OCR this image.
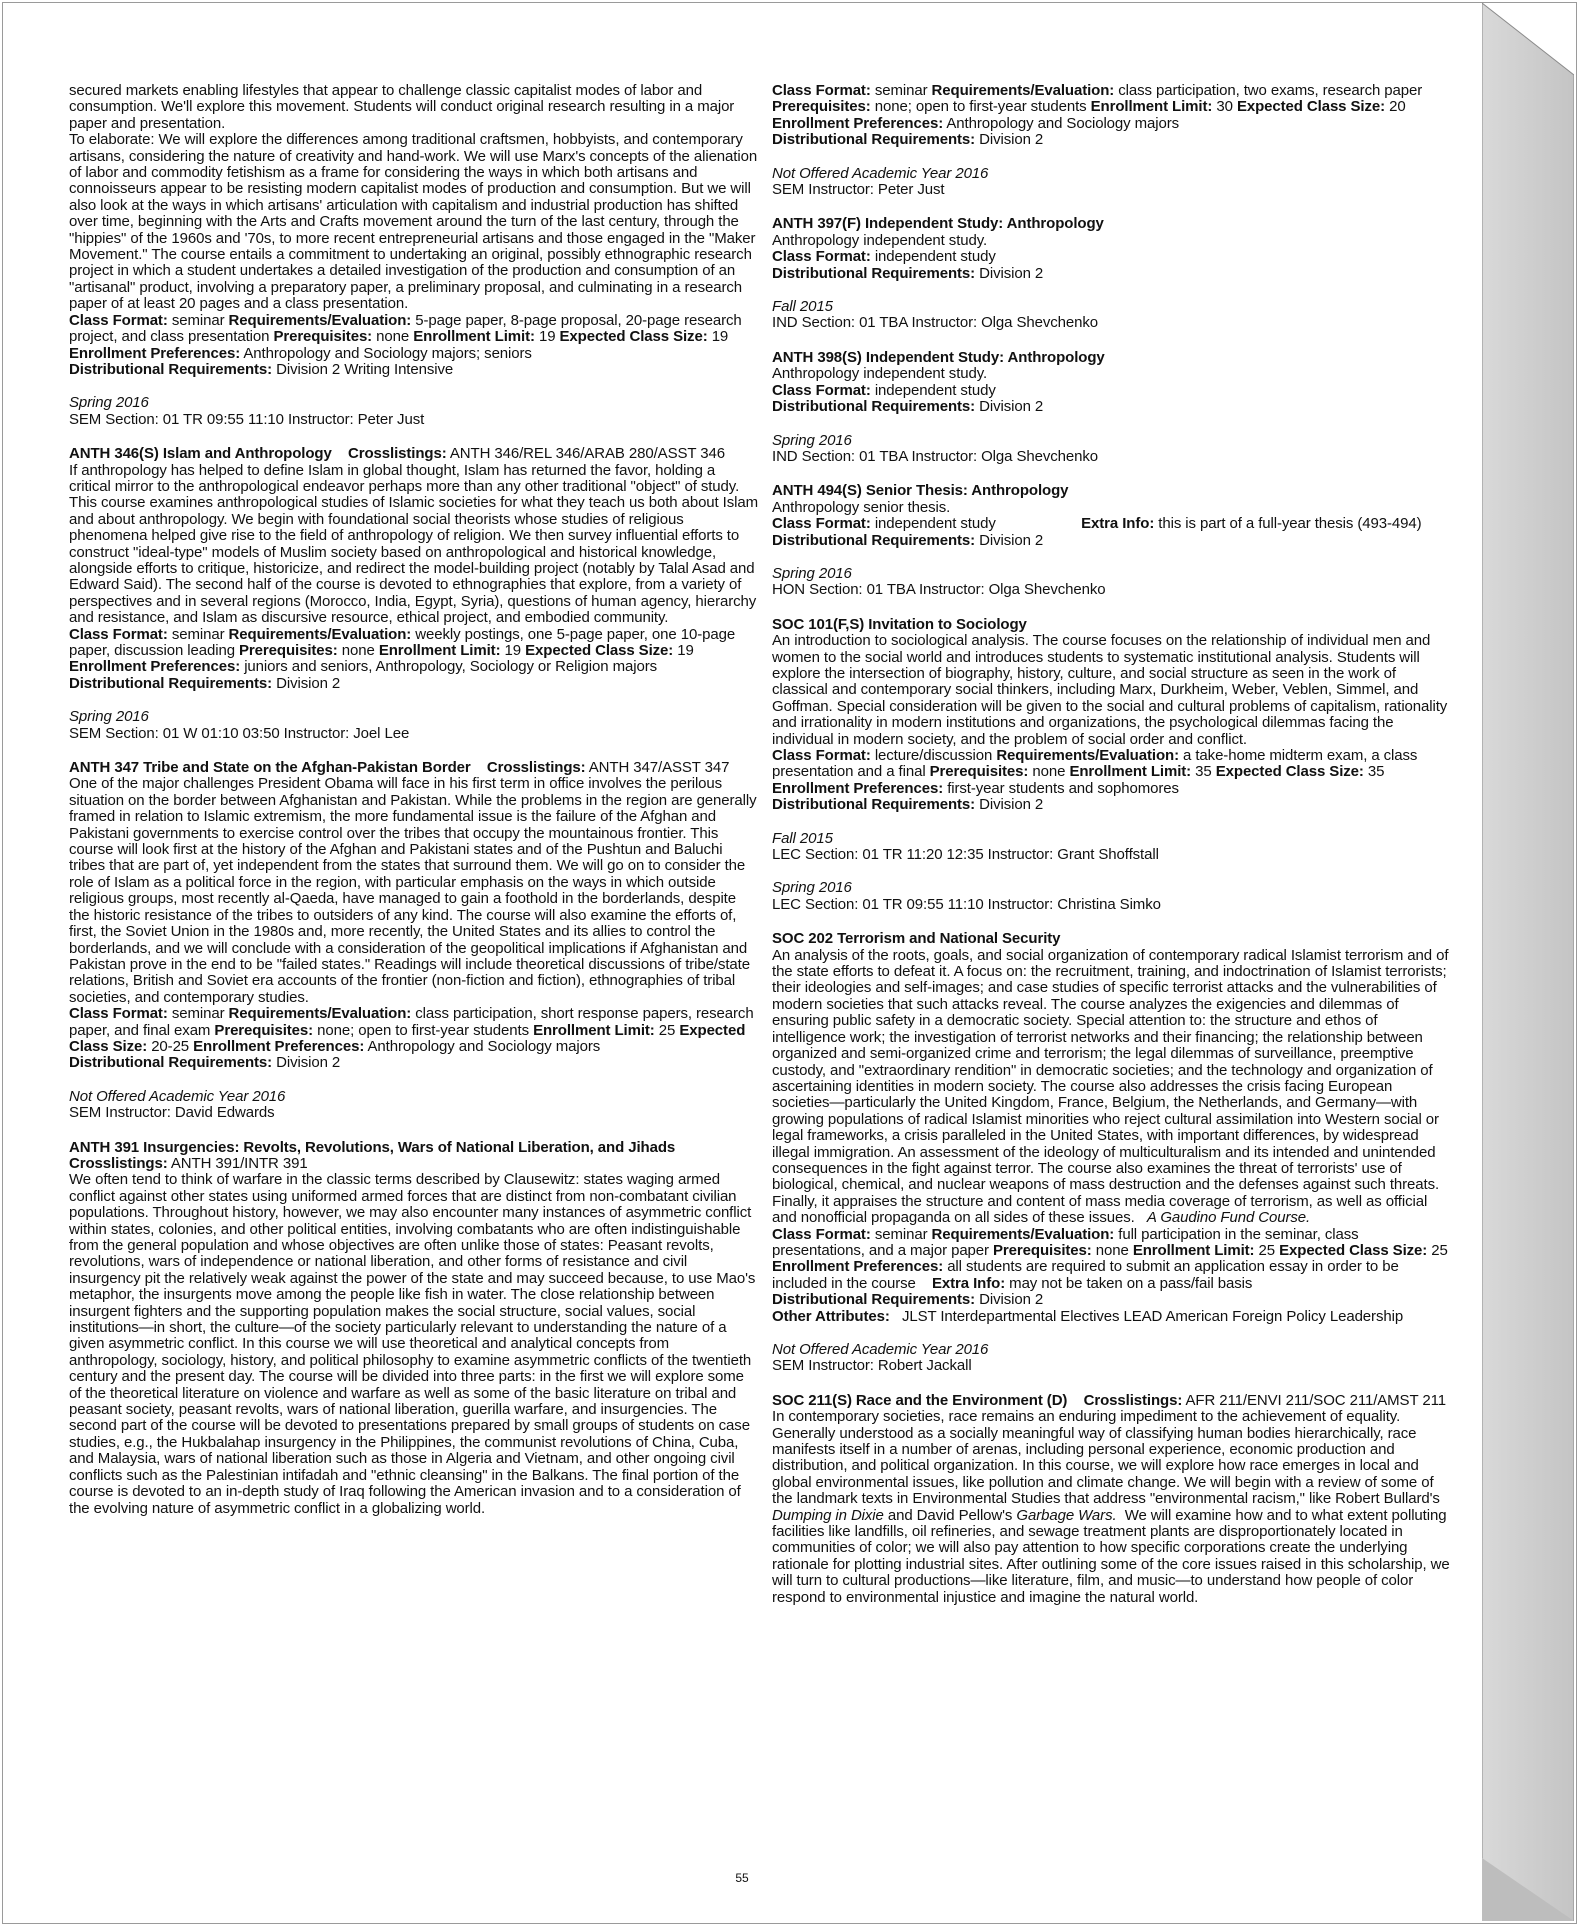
secured markets enabling lifestyles that appear to challenge classic capitalist modes of labor and consumption. We'll explore this movement. Students will conduct original research resulting in a major paper and presentation.

To elaborate: We will explore the differences among traditional craftsmen, hobbyists, and contemporary artisans, considering the nature of creativity and hand-work. We will use Marx's concepts of the alienation of labor and commodity fetishism as a frame for considering the ways in which both artisans and connoisseurs appear to be resisting modern capitalist modes of production and consumption. But we will also look at the ways in which artisans' articulation with capitalism and industrial production has shifted over time, beginning with the Arts and Crafts movement around the turn of the last century, through the "hippies" of the 1960s and '70s, to more recent entrepreneurial artisans and those engaged in the "Maker Movement." The course entails a commitment to undertaking an original, possibly ethnographic research project in which a student undertakes a detailed investigation of the production and consumption of an "artisanal" product, involving a preparatory paper, a preliminary proposal, and culminating in a research paper of at least 20 pages and a class presentation.

Class Format: seminar Requirements/Evaluation: 5-page paper, 8-page proposal, 20-page research project, and class presentation Prerequisites: none Enrollment Limit: 19 Expected Class Size: 19 Enrollment Preferences: Anthropology and Sociology majors; seniors

Distributional Requirements: Division 2 Writing Intensive

Spring 2016

SEM Section: 01 TR 09:55 11:10 Instructor: Peter Just

ANTH 346(S) Islam and Anthropology Crosslistings: ANTH 346/REL 346/ARAB 280/ASST 346

If anthropology has helped to define Islam in global thought, Islam has returned the favor, holding a critical mirror to the anthropological endeavor perhaps more than any other traditional "object" of study. This course examines anthropological studies of Islamic societies for what they teach us both about Islam and about anthropology. We begin with foundational social theorists whose studies of religious phenomena helped give rise to the field of anthropology of religion. We then survey influential efforts to construct "ideal-type" models of Muslim society based on anthropological and historical knowledge, alongside efforts to critique, historicize, and redirect the model-building project (notably by Talal Asad and Edward Said). The second half of the course is devoted to ethnographies that explore, from a variety of perspectives and in several regions (Morocco, India, Egypt, Syria), questions of human agency, hierarchy and resistance, and Islam as discursive resource, ethical project, and embodied community.

Class Format: seminar Requirements/Evaluation: weekly postings, one 5-page paper, one 10-page paper, discussion leading Prerequisites: none Enrollment Limit: 19 Expected Class Size: 19 Enrollment Preferences: juniors and seniors, Anthropology, Sociology or Religion majors

Distributional Requirements: Division 2

Spring 2016

SEM Section: 01 W 01:10 03:50 Instructor: Joel Lee

ANTH 347 Tribe and State on the Afghan-Pakistan Border Crosslistings: ANTH 347/ASST 347

One of the major challenges President Obama will face in his first term in office involves the perilous situation on the border between Afghanistan and Pakistan. While the problems in the region are generally framed in relation to Islamic extremism, the more fundamental issue is the failure of the Afghan and Pakistani governments to exercise control over the tribes that occupy the mountainous frontier. This course will look first at the history of the Afghan and Pakistani states and of the Pushtun and Baluchi tribes that are part of, yet independent from the states that surround them. We will go on to consider the role of Islam as a political force in the region, with particular emphasis on the ways in which outside religious groups, most recently al-Qaeda, have managed to gain a foothold in the borderlands, despite the historic resistance of the tribes to outsiders of any kind. The course will also examine the efforts of, first, the Soviet Union in the 1980s and, more recently, the United States and its allies to control the borderlands, and we will conclude with a consideration of the geopolitical implications if Afghanistan and Pakistan prove in the end to be "failed states." Readings will include theoretical discussions of tribe/state relations, British and Soviet era accounts of the frontier (non-fiction and fiction), ethnographies of tribal societies, and contemporary studies.

Class Format: seminar Requirements/Evaluation: class participation, short response papers, research paper, and final exam Prerequisites: none; open to first-year students Enrollment Limit: 25 Expected Class Size: 20-25 Enrollment Preferences: Anthropology and Sociology majors

Distributional Requirements: Division 2

Not Offered Academic Year 2016

SEM Instructor: David Edwards

ANTH 391 Insurgencies: Revolts, Revolutions, Wars of National Liberation, and Jihads

Crosslistings: ANTH 391/INTR 391

We often tend to think of warfare in the classic terms described by Clausewitz: states waging armed conflict against other states using uniformed armed forces that are distinct from non-combatant civilian populations. Throughout history, however, we may also encounter many instances of asymmetric conflict within states, colonies, and other political entities, involving combatants who are often indistinguishable from the general population and whose objectives are often unlike those of states: Peasant revolts, revolutions, wars of independence or national liberation, and other forms of resistance and civil insurgency pit the relatively weak against the power of the state and may succeed because, to use Mao's metaphor, the insurgents move among the people like fish in water. The close relationship between insurgent fighters and the supporting population makes the social structure, social values, social institutions—in short, the culture—of the society particularly relevant to understanding the nature of a given asymmetric conflict. In this course we will use theoretical and analytical concepts from anthropology, sociology, history, and political philosophy to examine asymmetric conflicts of the twentieth century and the present day. The course will be divided into three parts: in the first we will explore some of the theoretical literature on violence and warfare as well as some of the basic literature on tribal and peasant society, peasant revolts, wars of national liberation, guerilla warfare, and insurgencies. The second part of the course will be devoted to presentations prepared by small groups of students on case studies, e.g., the Hukbalahap insurgency in the Philippines, the communist revolutions of China, Cuba, and Malaysia, wars of national liberation such as those in Algeria and Vietnam, and other ongoing civil conflicts such as the Palestinian intifadah and "ethnic cleansing" in the Balkans. The final portion of the course is devoted to an in-depth study of Iraq following the American invasion and to a consideration of the evolving nature of asymmetric conflict in a globalizing world.

Class Format: seminar Requirements/Evaluation: class participation, two exams, research paper Prerequisites: none; open to first-year students Enrollment Limit: 30 Expected Class Size: 20 Enrollment Preferences: Anthropology and Sociology majors

Distributional Requirements: Division 2

Not Offered Academic Year 2016

SEM Instructor: Peter Just

ANTH 397(F) Independent Study: Anthropology

Anthropology independent study.

Class Format: independent study

Distributional Requirements: Division 2

Fall 2015

IND Section: 01 TBA Instructor: Olga Shevchenko

ANTH 398(S) Independent Study: Anthropology

Anthropology independent study.

Class Format: independent study

Distributional Requirements: Division 2

Spring 2016

IND Section: 01 TBA Instructor: Olga Shevchenko

ANTH 494(S) Senior Thesis: Anthropology

Anthropology senior thesis.

Class Format: independent study	Extra Info: this is part of a full-year thesis (493-494)

Distributional Requirements: Division 2

Spring 2016

HON Section: 01 TBA Instructor: Olga Shevchenko

SOC 101(F,S) Invitation to Sociology

An introduction to sociological analysis. The course focuses on the relationship of individual men and women to the social world and introduces students to systematic institutional analysis. Students will explore the intersection of biography, history, culture, and social structure as seen in the work of classical and contemporary social thinkers, including Marx, Durkheim, Weber, Veblen, Simmel, and Goffman. Special consideration will be given to the social and cultural problems of capitalism, rationality and irrationality in modern institutions and organizations, the psychological dilemmas facing the individual in modern society, and the problem of social order and conflict.

Class Format: lecture/discussion Requirements/Evaluation: a take-home midterm exam, a class presentation and a final Prerequisites: none Enrollment Limit: 35 Expected Class Size: 35 Enrollment Preferences: first-year students and sophomores

Distributional Requirements: Division 2

Fall 2015

LEC Section: 01 TR 11:20 12:35 Instructor: Grant Shoffstall

Spring 2016

LEC Section: 01 TR 09:55 11:10 Instructor: Christina Simko

SOC 202 Terrorism and National Security

An analysis of the roots, goals, and social organization of contemporary radical Islamist terrorism and of the state efforts to defeat it. A focus on: the recruitment, training, and indoctrination of Islamist terrorists; their ideologies and self-images; and case studies of specific terrorist attacks and the vulnerabilities of modern societies that such attacks reveal. The course analyzes the exigencies and dilemmas of ensuring public safety in a democratic society. Special attention to: the structure and ethos of intelligence work; the investigation of terrorist networks and their financing; the relationship between organized and semi-organized crime and terrorism; the legal dilemmas of surveillance, preemptive custody, and "extraordinary rendition" in democratic societies; and the technology and organization of ascertaining identities in modern society. The course also addresses the crisis facing European societies—particularly the United Kingdom, France, Belgium, the Netherlands, and Germany—with growing populations of radical Islamist minorities who reject cultural assimilation into Western social or legal frameworks, a crisis paralleled in the United States, with important differences, by widespread illegal immigration. An assessment of the ideology of multiculturalism and its intended and unintended consequences in the fight against terror. The course also examines the threat of terrorists' use of biological, chemical, and nuclear weapons of mass destruction and the defenses against such threats. Finally, it appraises the structure and content of mass media coverage of terrorism, as well as official and nonofficial propaganda on all sides of these issues. A Gaudino Fund Course.

Class Format: seminar Requirements/Evaluation: full participation in the seminar, class presentations, and a major paper Prerequisites: none Enrollment Limit: 25 Expected Class Size: 25 Enrollment Preferences: all students are required to submit an application essay in order to be included in the course Extra Info: may not be taken on a pass/fail basis

Distributional Requirements: Division 2

Other Attributes: JLST Interdepartmental Electives LEAD American Foreign Policy Leadership

Not Offered Academic Year 2016

SEM Instructor: Robert Jackall

SOC 211(S) Race and the Environment (D) Crosslistings: AFR 211/ENVI 211/SOC 211/AMST 211

In contemporary societies, race remains an enduring impediment to the achievement of equality. Generally understood as a socially meaningful way of classifying human bodies hierarchically, race manifests itself in a number of arenas, including personal experience, economic production and distribution, and political organization. In this course, we will explore how race emerges in local and global environmental issues, like pollution and climate change. We will begin with a review of some of the landmark texts in Environmental Studies that address "environmental racism," like Robert Bullard's Dumping in Dixie and David Pellow's Garbage Wars. We will examine how and to what extent polluting facilities like landfills, oil refineries, and sewage treatment plants are disproportionately located in communities of color; we will also pay attention to how specific corporations create the underlying rationale for plotting industrial sites. After outlining some of the core issues raised in this scholarship, we will turn to cultural productions—like literature, film, and music—to understand how people of color respond to environmental injustice and imagine the natural world.

55
